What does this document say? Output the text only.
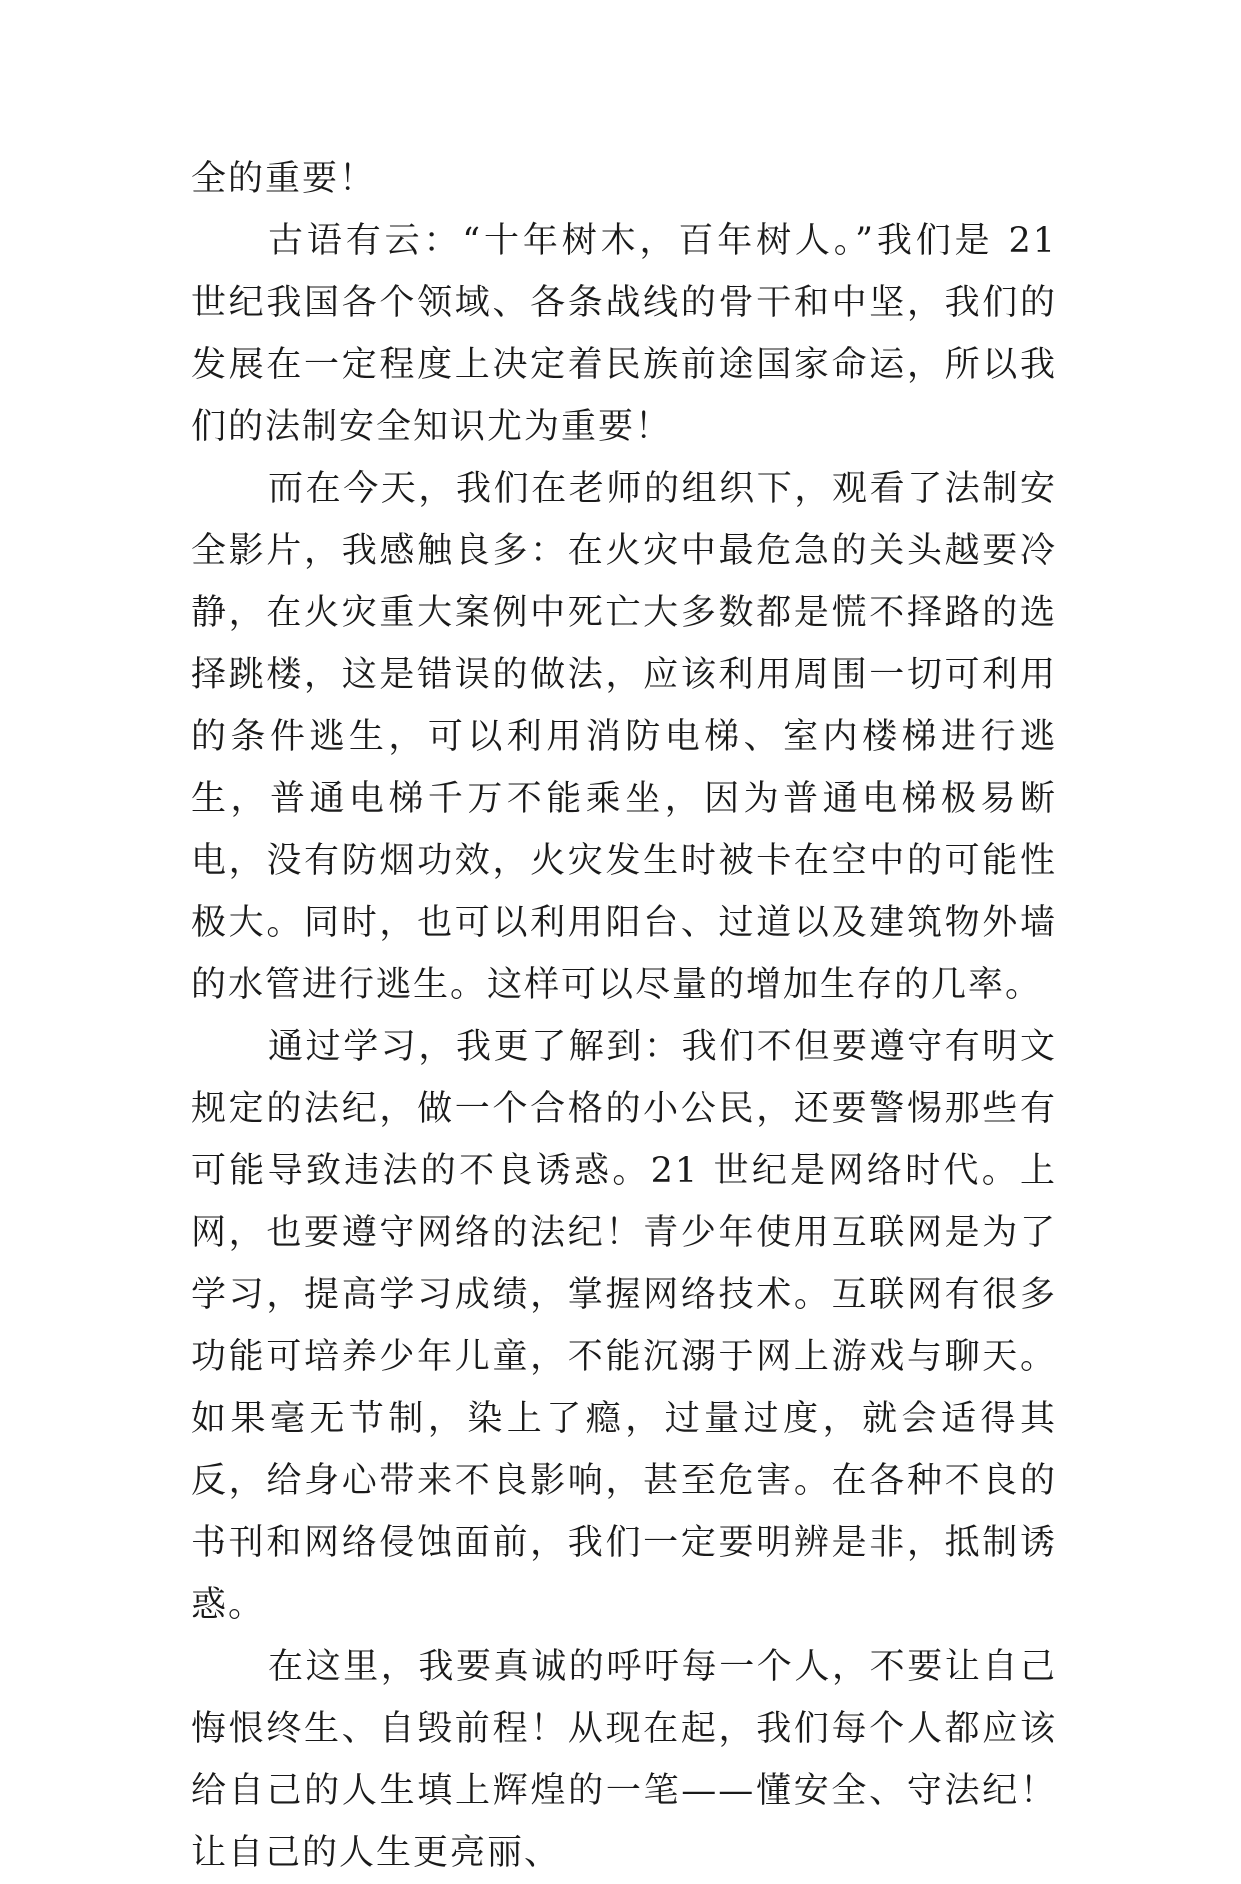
全的重要！

古语有云：“十年树木，百年树人。”我们是 21 世纪我国各个领域、各条战线的骨干和中坚，我们的发展在一定程度上决定着民族前途国家命运，所以我们的法制安全知识尤为重要！

而在今天，我们在老师的组织下，观看了法制安全影片，我感触良多：在火灾中最危急的关头越要冷静，在火灾重大案例中死亡大多数都是慌不择路的选择跳楼，这是错误的做法，应该利用周围一切可利用的条件逃生，可以利用消防电梯、室内楼梯进行逃生，普通电梯千万不能乘坐，因为普通电梯极易断电，没有防烟功效，火灾发生时被卡在空中的可能性极大。同时，也可以利用阳台、过道以及建筑物外墙的水管进行逃生。这样可以尽量的增加生存的几率。

通过学习，我更了解到：我们不但要遵守有明文规定的法纪，做一个合格的小公民，还要警惕那些有可能导致违法的不良诱惑。21 世纪是网络时代。上网，也要遵守网络的法纪！青少年使用互联网是为了学习，提高学习成绩，掌握网络技术。互联网有很多功能可培养少年儿童，不能沉溺于网上游戏与聊天。如果毫无节制，染上了瘾，过量过度，就会适得其反，给身心带来不良影响，甚至危害。在各种不良的书刊和网络侵蚀面前，我们一定要明辨是非，抵制诱惑。

在这里，我要真诚的呼吁每一个人，不要让自己悔恨终生、自毁前程！从现在起，我们每个人都应该给自己的人生填上辉煌的一笔——懂安全、守法纪！让自己的人生更亮丽、
